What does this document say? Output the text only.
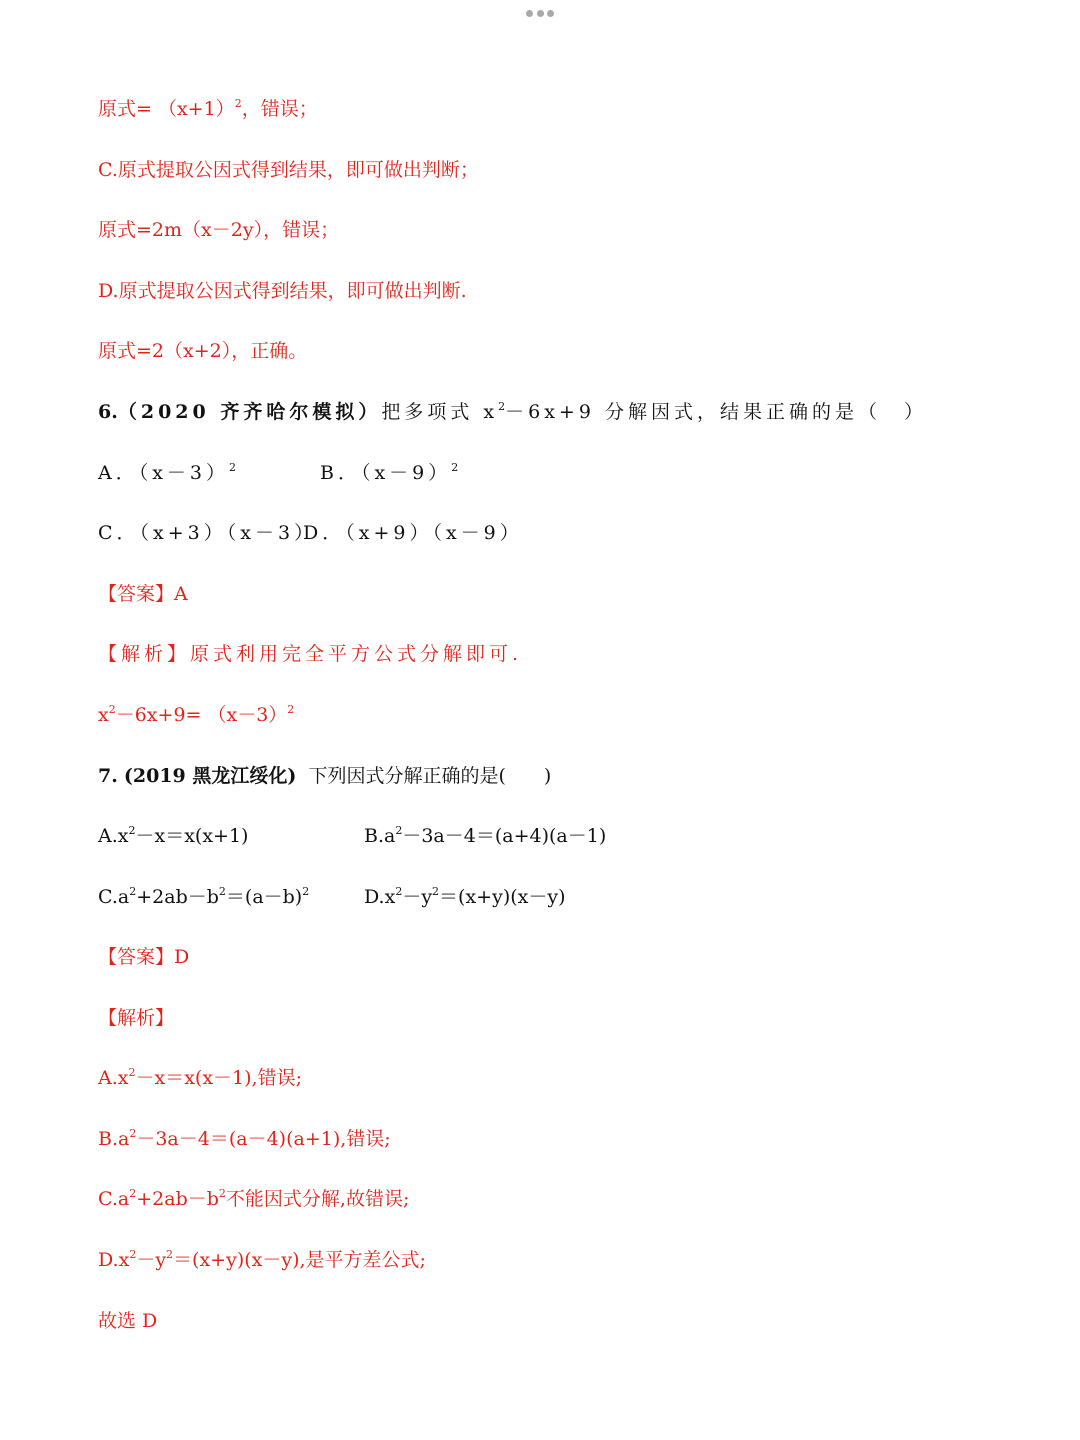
原式= $(x+1)^2$，错误；
C.原式提取公因式得到结果，即可做出判断；
原式=2m（x－2y），错误；
D.原式提取公因式得到结果，即可做出判断.
原式=2（x+2），正确。
6.（2020 齐齐哈尔模拟）把多项式 $x^2-6x+9$ 分解因式，结果正确的是（　）
A．$(x-3)^2$	B．$(x-9)^2$
C．（x+3）（x－3）D．（x+9）（x－9）
【答案】A
【解析】原式利用完全平方公式分解即可.
$x^2-6x+9= (x-3)^2$
7. (2019 黑龙江绥化) 下列因式分解正确的是(　　)
$A.x^2-x=x(x+1)$	$B.a^2-3a-4=(a+4)(a-1)$
$C.a^2+2ab-b^2=(a-b)^2$	$D.x^2-y^2=(x+y)(x-y)$
【答案】D
【解析】
$A.x^2-x=x(x-1)$,错误;
$B.a^2-3a-4=(a-4)(a+1)$,错误;
$C.a^2+2ab-b^2$不能因式分解,故错误;
$D.x^2-y^2=(x+y)(x-y)$,是平方差公式;
故选 D
